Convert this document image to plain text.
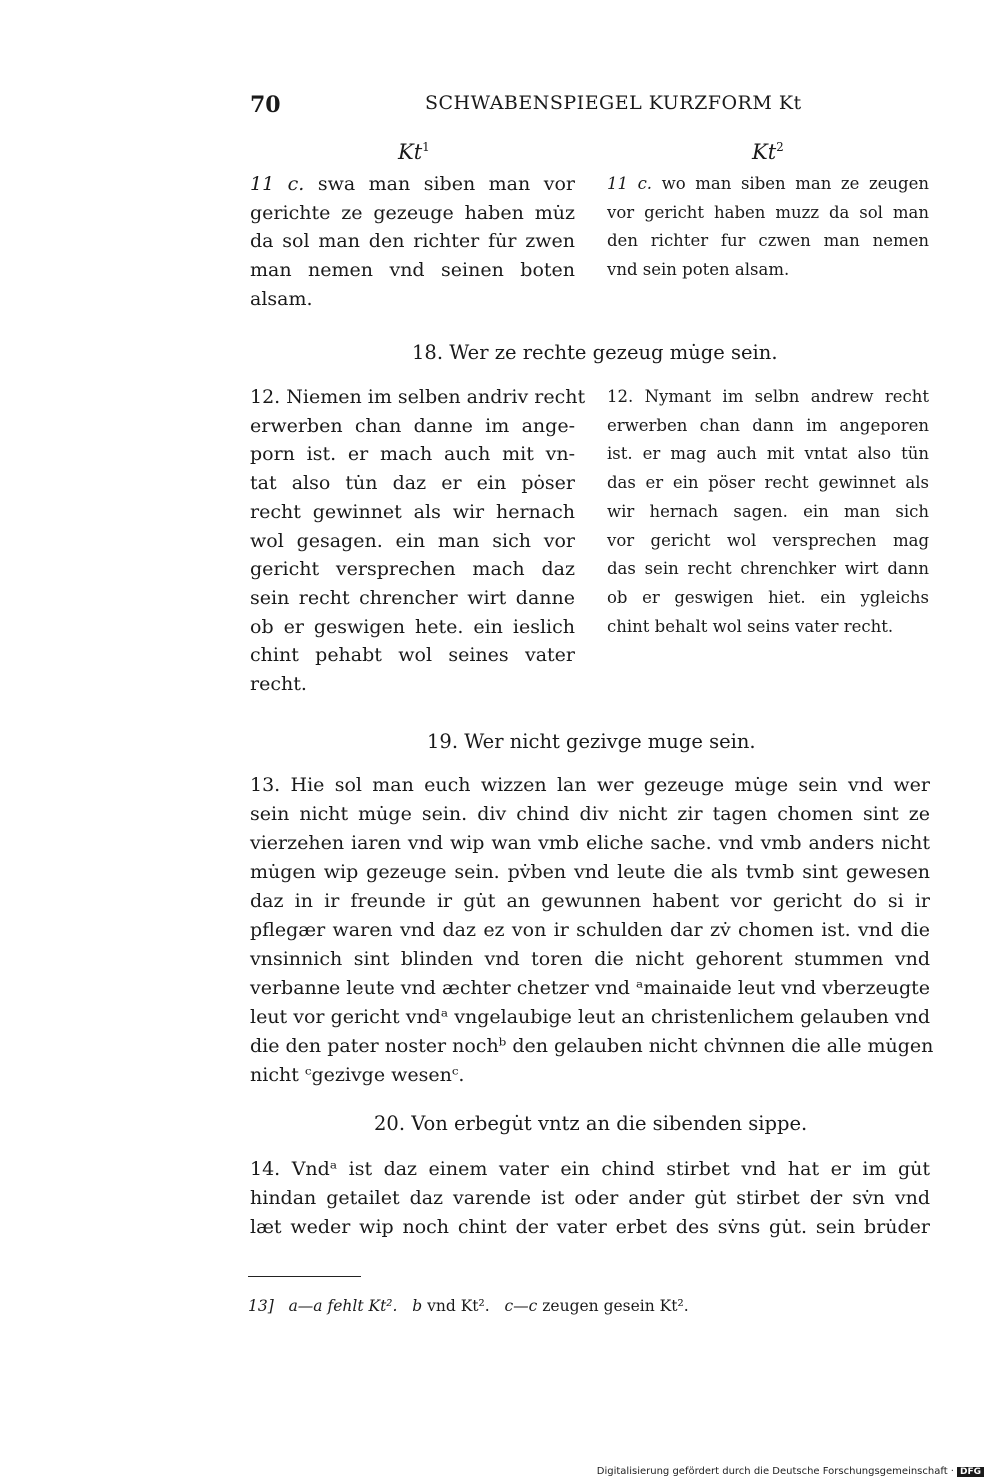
70	SCHWABENSPIEGEL KURZFORM Kt
Kt$^1$	Kt$^2$
11 c. swa man siben man vor
gerichte ze gezeuge haben mu̇z
da sol man den richter fu̇r zwen
man nemen vnd seinen boten
alsam.
11 c. wo man siben man ze zeugen
vor gericht haben muzz da sol man
den richter fur czwen man nemen
vnd sein poten alsam.
18. Wer ze rechte gezeug mu̇ge sein.
12. Niemen im selben andriv recht
erwerben chan danne im ange-
porn ist. er mach auch mit vn-
tat also tu̇n daz er ein pȯser
recht gewinnet als wir hernach
wol gesagen. ein man sich vor
gericht versprechen mach daz
sein recht chrencher wirt danne
ob er geswigen hete. ein ieslich
chint pehabt wol seines vater
recht.
12. Nymant im selbn andrew recht
erwerben chan dann im angeporen
ist. er mag auch mit vntat also tün
das er ein pöser recht gewinnet als
wir hernach sagen. ein man sich
vor gericht wol versprechen mag
das sein recht chrenchker wirt dann
ob er geswigen hiet. ein ygleichs
chint behalt wol seins vater recht.
19. Wer nicht gezivge muge sein.
13. Hie sol man euch wizzen lan wer gezeuge mu̇ge sein vnd wer
sein nicht mu̇ge sein. div chind div nicht zir tagen chomen sint ze
vierzehen iaren vnd wip wan vmb eliche sache. vnd vmb anders nicht
mu̇gen wip gezeuge sein. pv̇ben vnd leute die als tvmb sint gewesen
daz in ir freunde ir gu̇t an gewunnen habent vor gericht do si ir
pflegær waren vnd daz ez von ir schulden dar zv̇ chomen ist. vnd die
vnsinnich sint blinden vnd toren die nicht gehorent stummen vnd
verbanne leute vnd æchter chetzer vnd ᵃmainaide leut vnd vberzeugte
leut vor gericht vndᵃ vngelaubige leut an christenlichem gelauben vnd
die den pater noster nochᵇ den gelauben nicht chv̇nnen die alle mu̇gen
nicht ᶜgezivge wesenᶜ.
20. Von erbegu̇t vntz an die sibenden sippe.
14. Vndᵃ ist daz einem vater ein chind stirbet vnd hat er im gu̇t
hindan getailet daz varende ist oder ander gu̇t stirbet der sv̇n vnd
læt weder wip noch chint der vater erbet des sv̇ns gu̇t. sein bru̇der
13] a—a fehlt Kt². b vnd Kt². c—c zeugen gesein Kt².
Digitalisierung gefördert durch die Deutsche Forschungsgemeinschaft · DFG
